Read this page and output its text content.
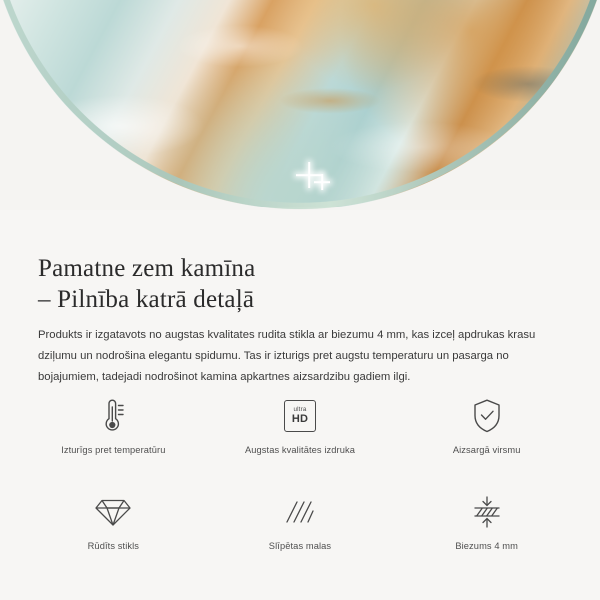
Pamatne zem kamīna
– Pilnība katrā detaļā

Produkts ir izgatavots no augstas kvalitates rudita stikla ar biezumu 4 mm, kas izceļ apdrukas krasu dziļumu un nodrošina elegantu spidumu. Tas ir izturigs pret augstu temperaturu un pasarga no bojajumiem, tadejadi nodrošinot kamina apkartnes aizsardzibu gadiem ilgi.

Izturīgs pret temperatūru
ultra
HD
Augstas kvalitātes izdruka	Aizsargā virsmu
Rūdīts stikls	Slīpētas malas	Biezums 4 mm
